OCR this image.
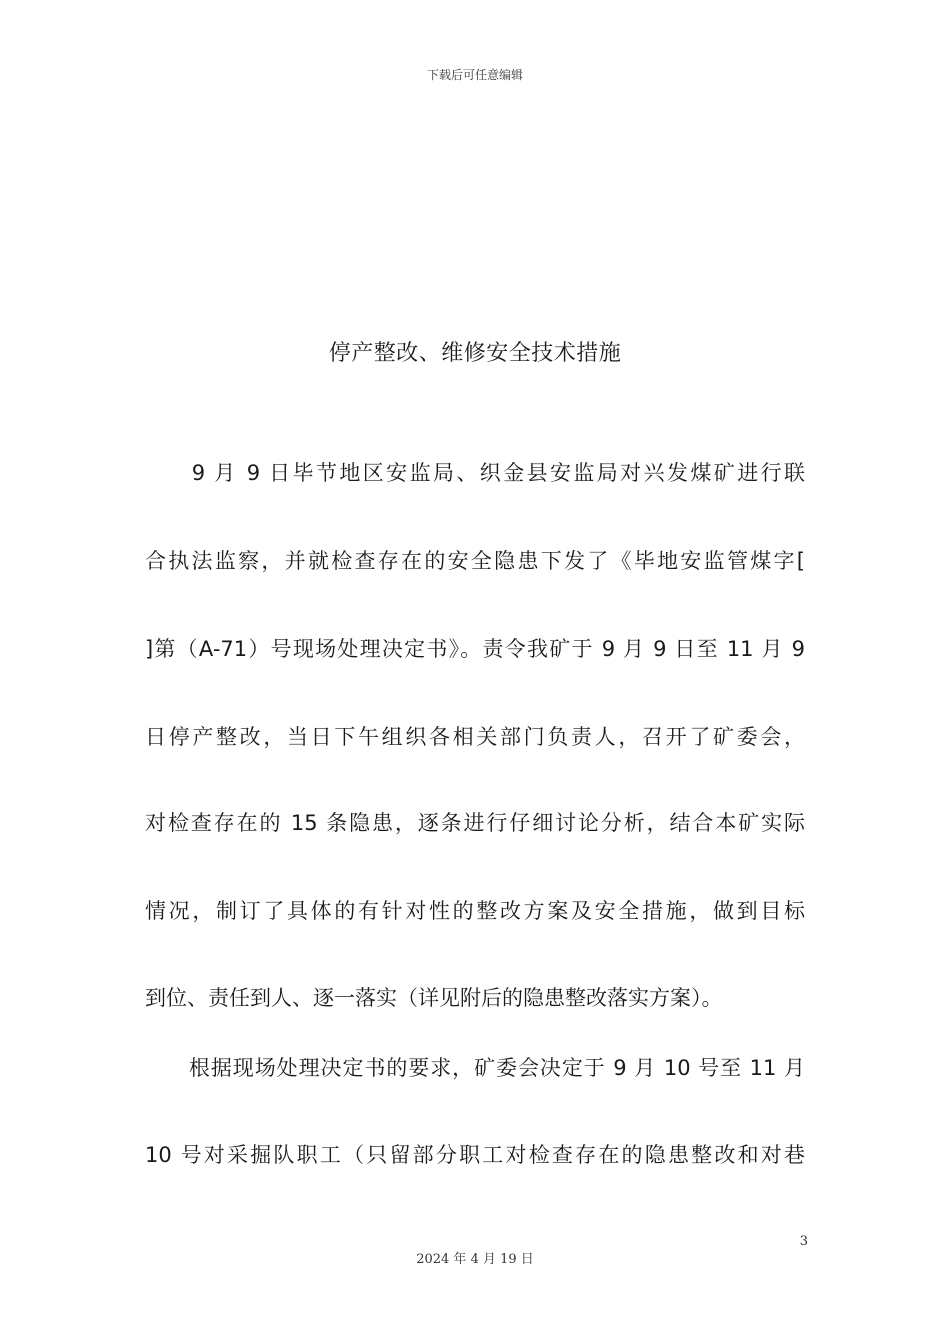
下载后可任意编辑
停产整改、维修安全技术措施
　　9 月 9 日毕节地区安监局、织金县安监局对兴发煤矿进行联
合执法监察，并就检查存在的安全隐患下发了《毕地安监管煤字[
]第（A-71）号现场处理决定书》。责令我矿于 9 月 9 日至 11 月 9
日停产整改，当日下午组织各相关部门负责人，召开了矿委会，
对检查存在的 15 条隐患，逐条进行仔细讨论分析，结合本矿实际
情况，制订了具体的有针对性的整改方案及安全措施，做到目标
到位、责任到人、逐一落实（详见附后的隐患整改落实方案）。
　　根据现场处理决定书的要求，矿委会决定于 9 月 10 号至 11 月
10 号对采掘队职工（只留部分职工对检查存在的隐患整改和对巷
3
2024 年 4 月 19 日
